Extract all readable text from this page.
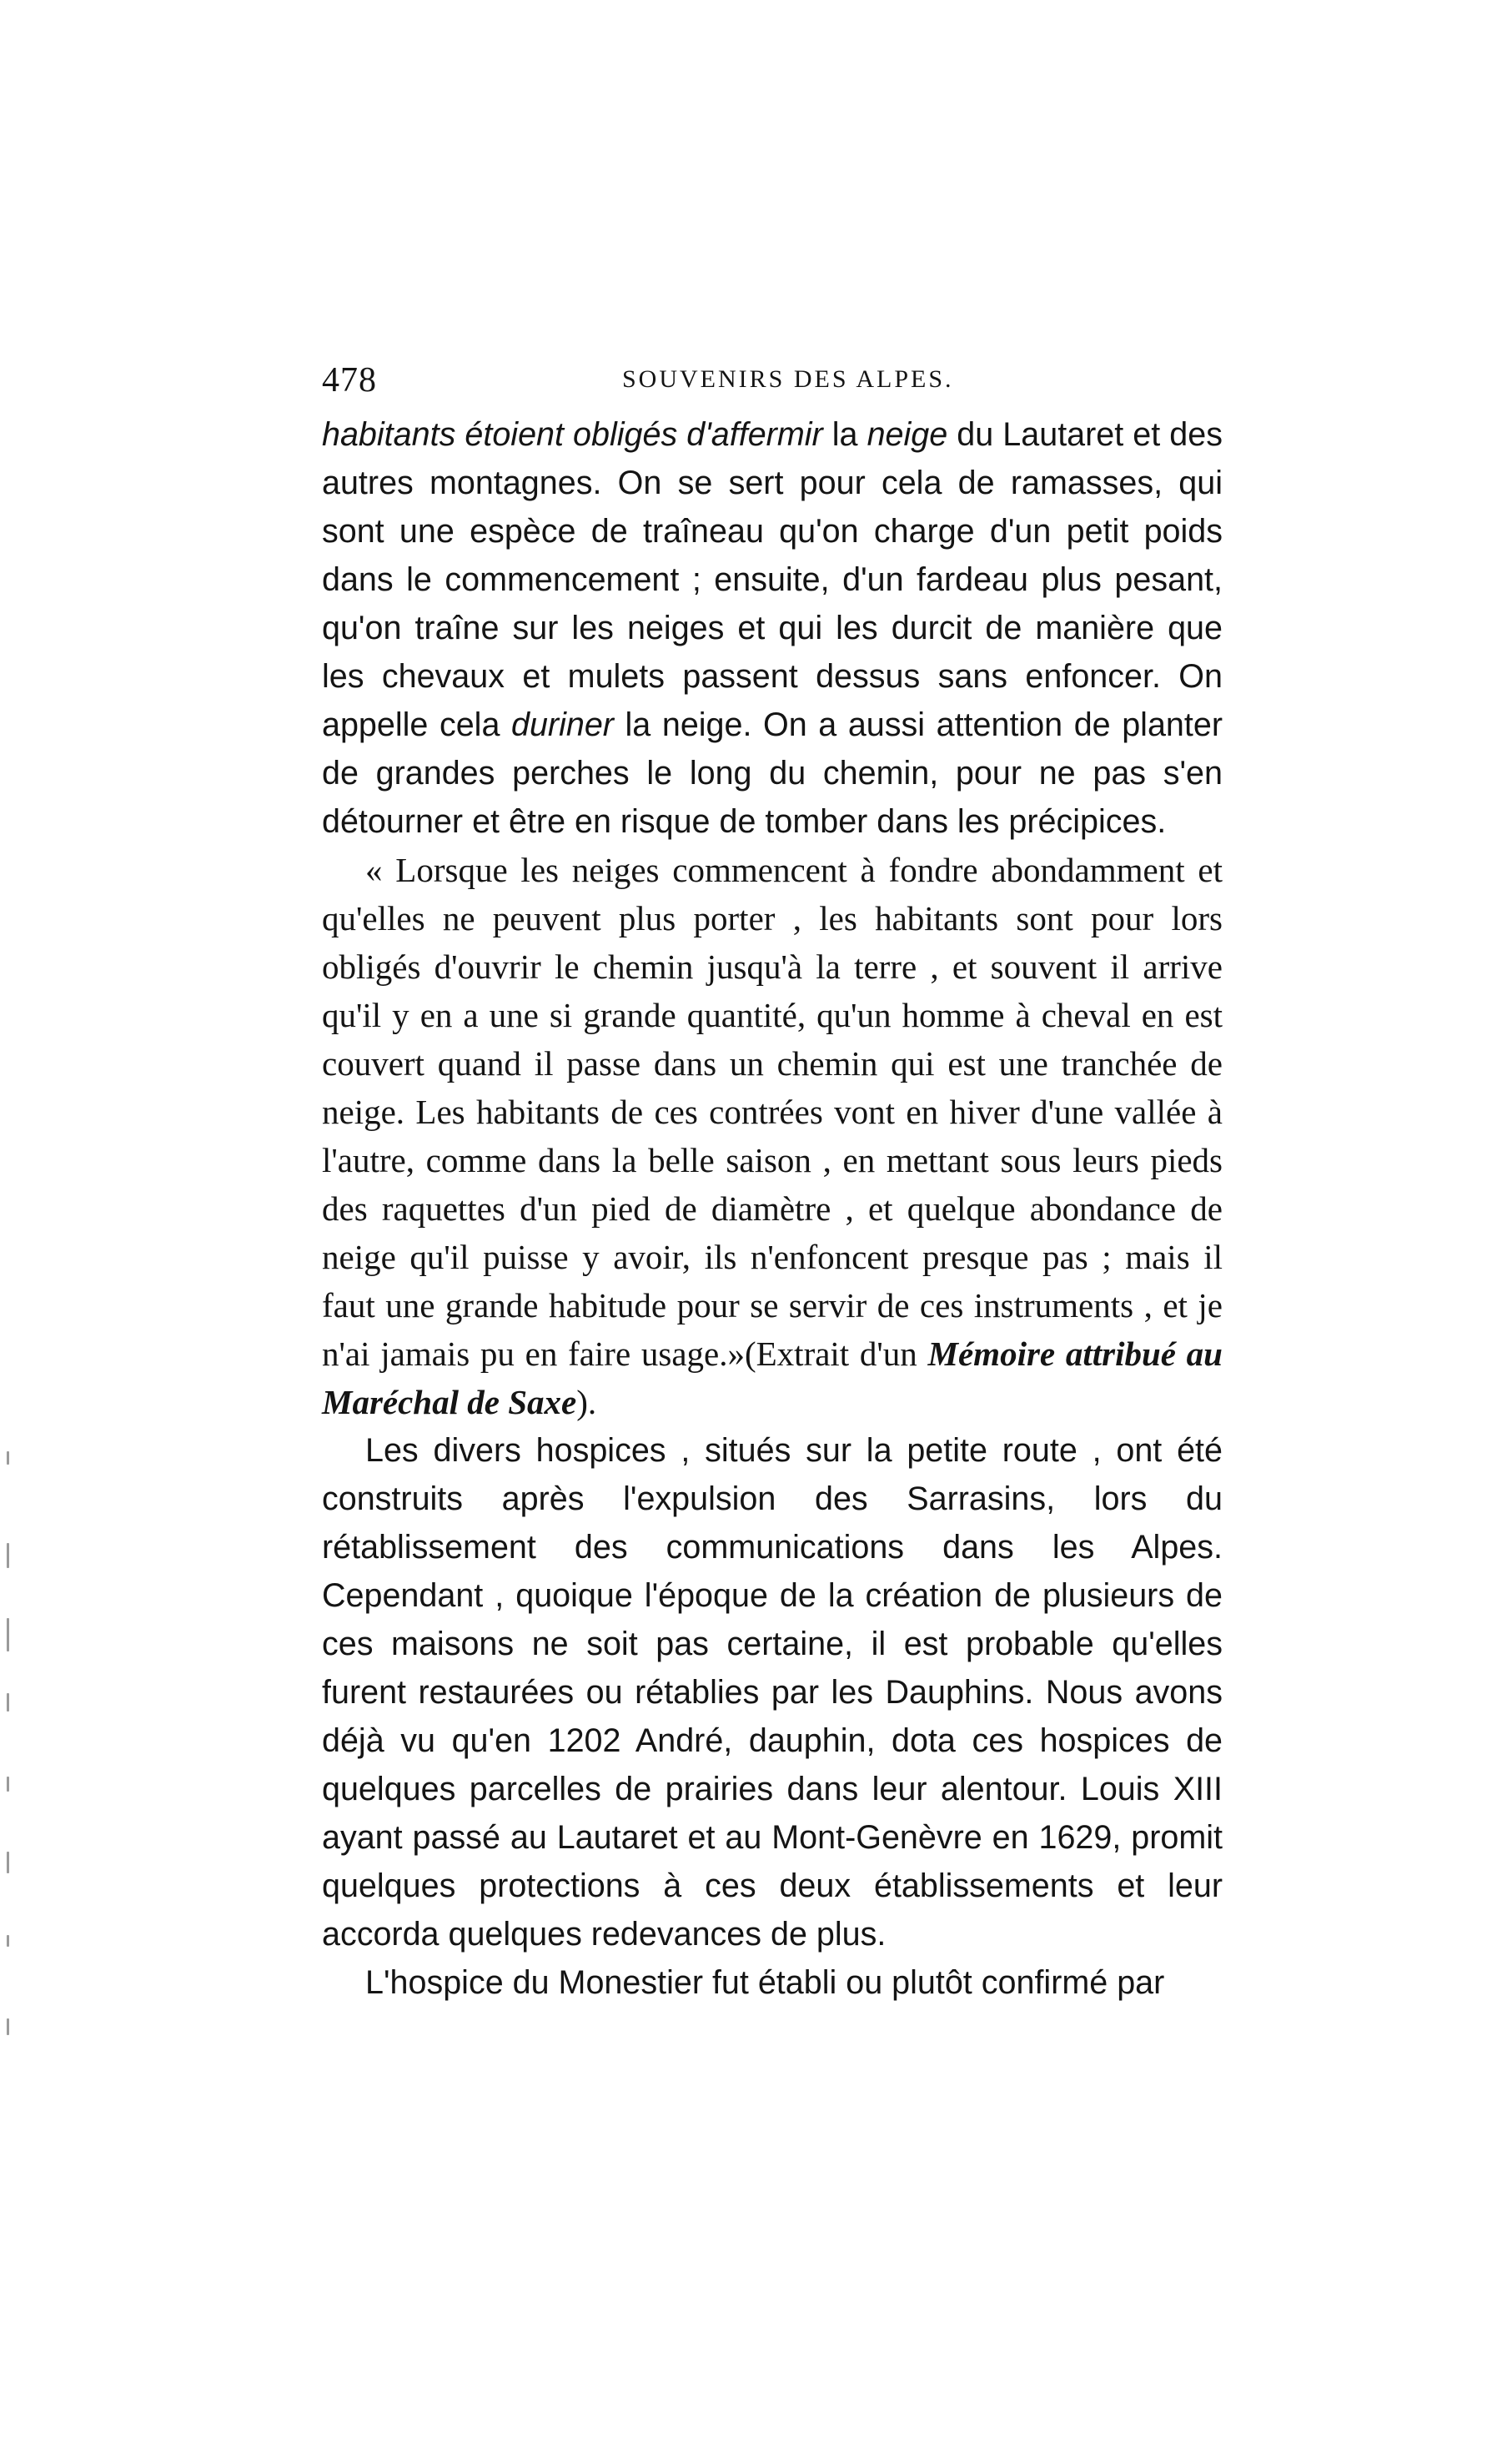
478	SOUVENIRS DES ALPES.

habitants étoient obligés d'affermir la neige du Lautaret et des autres montagnes. On se sert pour cela de ramasses, qui sont une espèce de traîneau qu'on charge d'un petit poids dans le commencement ; ensuite, d'un fardeau plus pesant, qu'on traîne sur les neiges et qui les durcit de manière que les chevaux et mulets passent dessus sans enfoncer. On appelle cela duriner la neige. On a aussi attention de planter de grandes perches le long du chemin, pour ne pas s'en détourner et être en risque de tomber dans les précipices.

« Lorsque les neiges commencent à fondre abondamment et qu'elles ne peuvent plus porter , les habitants sont pour lors obligés d'ouvrir le chemin jusqu'à la terre , et souvent il arrive qu'il y en a une si grande quantité, qu'un homme à cheval en est couvert quand il passe dans un chemin qui est une tranchée de neige. Les habitants de ces contrées vont en hiver d'une vallée à l'autre, comme dans la belle saison , en mettant sous leurs pieds des raquettes d'un pied de diamètre , et quelque abondance de neige qu'il puisse y avoir, ils n'enfoncent presque pas ; mais il faut une grande habitude pour se servir de ces instruments , et je n'ai jamais pu en faire usage.»(Extrait d'un Mémoire attribué au Maréchal de Saxe).

Les divers hospices , situés sur la petite route , ont été construits après l'expulsion des Sarrasins, lors du rétablissement des communications dans les Alpes. Cependant , quoique l'époque de la création de plusieurs de ces maisons ne soit pas certaine, il est probable qu'elles furent restaurées ou rétablies par les Dauphins. Nous avons déjà vu qu'en 1202 André, dauphin, dota ces hospices de quelques parcelles de prairies dans leur alentour. Louis XIII ayant passé au Lautaret et au Mont-Genèvre en 1629, promit quelques protections à ces deux établissements et leur accorda quelques redevances de plus.

L'hospice du Monestier fut établi ou plutôt confirmé par
